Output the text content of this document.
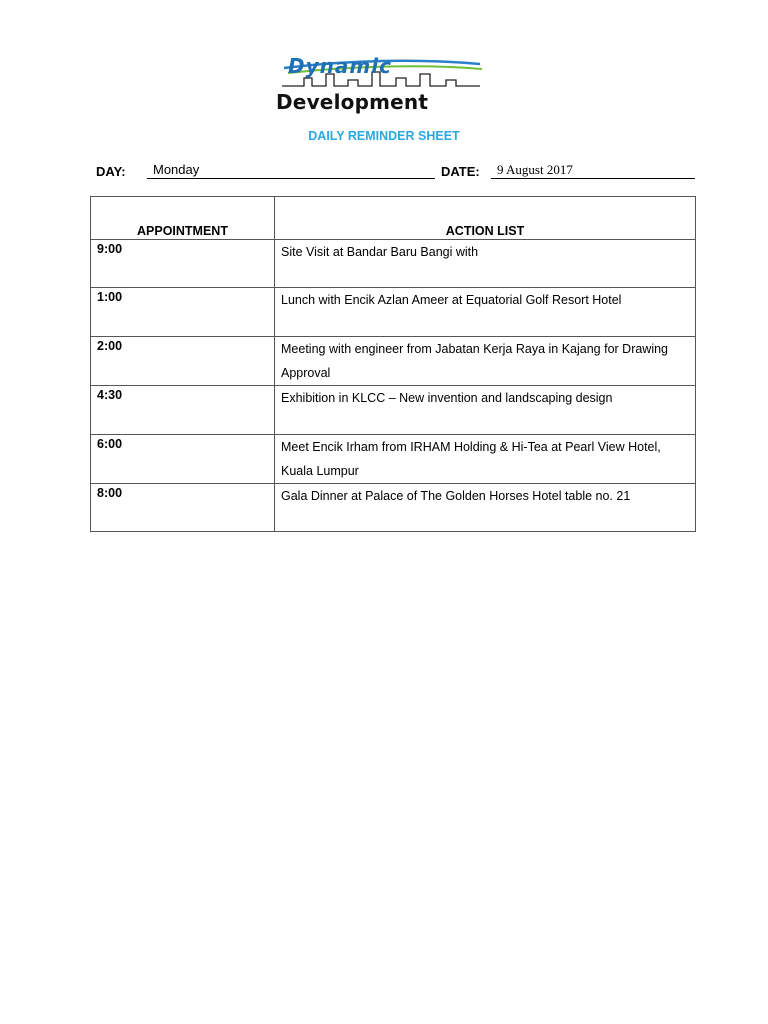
Dynamic
Development
DAILY REMINDER SHEET
DAY:	Monday	DATE:	9 August 2017
APPOINTMENT	ACTION LIST
9:00	Site Visit at Bandar Baru Bangi with
1:00	Lunch with Encik Azlan Ameer at Equatorial Golf Resort Hotel
2:00	Meeting with engineer from Jabatan Kerja Raya in Kajang for Drawing Approval
4:30	Exhibition in KLCC – New invention and landscaping design
6:00	Meet Encik Irham from IRHAM Holding & Hi-Tea at Pearl View Hotel, Kuala Lumpur
8:00	Gala Dinner at Palace of The Golden Horses Hotel table no. 21
